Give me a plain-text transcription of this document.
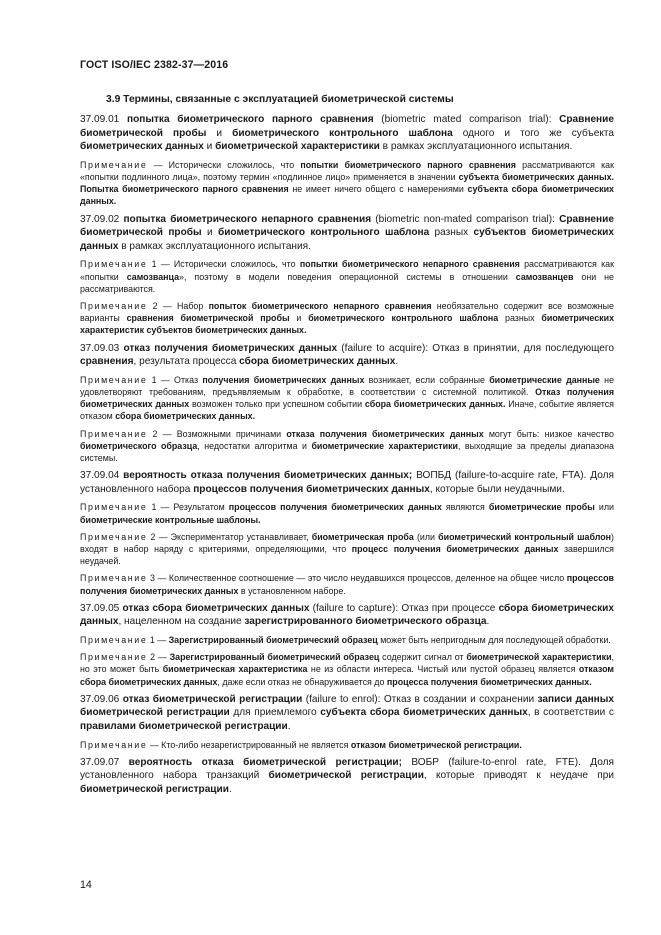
ГОСТ ISO/IEC 2382-37—2016
3.9 Термины, связанные с эксплуатацией биометрической системы

37.09.01 попытка биометрического парного сравнения (biometric mated comparison trial): Сравнение биометрической пробы и биометрического контрольного шаблона одного и того же субъекта биометрических данных и биометрической характеристики в рамках эксплуатационного испытания.

Примечание — Исторически сложилось, что попытки биометрического парного сравнения рассматриваются как «попытки подлинного лица», поэтому термин «подлинное лицо» применяется в значении субъекта биометрических данных. Попытка биометрического парного сравнения не имеет ничего общего с намерениями субъекта сбора биометрических данных.

37.09.02 попытка биометрического непарного сравнения (biometric non-mated comparison trial): Сравнение биометрической пробы и биометрического контрольного шаблона разных субъектов биометрических данных в рамках эксплуатационного испытания.

Примечание 1 — Исторически сложилось, что попытки биометрического непарного сравнения рассматриваются как «попытки самозванца», поэтому в модели поведения операционной системы в отношении самозванцев они не рассматриваются.

Примечание 2 — Набор попыток биометрического непарного сравнения необязательно содержит все возможные варианты сравнения биометрической пробы и биометрического контрольного шаблона разных биометрических характеристик субъектов биометрических данных.

37.09.03 отказ получения биометрических данных (failure to acquire): Отказ в принятии, для последующего сравнения, результата процесса сбора биометрических данных.

Примечание 1 — Отказ получения биометрических данных возникает, если собранные биометрические данные не удовлетворяют требованиям, предъявляемым к обработке, в соответствии с системной политикой. Отказ получения биометрических данных возможен только при успешном событии сбора биометрических данных. Иначе, событие является отказом сбора биометрических данных.

Примечание 2 — Возможными причинами отказа получения биометрических данных могут быть: низкое качество биометрического образца, недостатки алгоритма и биометрические характеристики, выходящие за пределы диапазона системы.

37.09.04 вероятность отказа получения биометрических данных; ВОПБД (failure-to-acquire rate, FTA). Доля установленного набора процессов получения биометрических данных, которые были неудачными.

Примечание 1 — Результатом процессов получения биометрических данных являются биометрические пробы или биометрические контрольные шаблоны.

Примечание 2 — Экспериментатор устанавливает, биометрическая проба (или биометрический контрольный шаблон) входят в набор наряду с критериями, определяющими, что процесс получения биометрических данных завершился неудачей.

Примечание 3 — Количественное соотношение — это число неудавшихся процессов, деленное на общее число процессов получения биометрических данных в установленном наборе.

37.09.05 отказ сбора биометрических данных (failure to capture): Отказ при процессе сбора биометрических данных, нацеленном на создание зарегистрированного биометрического образца.

Примечание 1 — Зарегистрированный биометрический образец может быть непригодным для последующей обработки.

Примечание 2 — Зарегистрированный биометрический образец содержит сигнал от биометрической характеристики, но это может быть биометрическая характеристика не из области интереса. Чистый или пустой образец является отказом сбора биометрических данных, даже если отказ не обнаруживается до процесса получения биометрических данных.

37.09.06 отказ биометрической регистрации (failure to enrol): Отказ в создании и сохранении записи данных биометрической регистрации для приемлемого субъекта сбора биометрических данных, в соответствии с правилами биометрической регистрации.

Примечание — Кто-либо незарегистрированный не является отказом биометрической регистрации.

37.09.07 вероятность отказа биометрической регистрации; ВОБР (failure-to-enrol rate, FTE). Доля установленного набора транзакций биометрической регистрации, которые приводят к неудаче при биометрической регистрации.

14
